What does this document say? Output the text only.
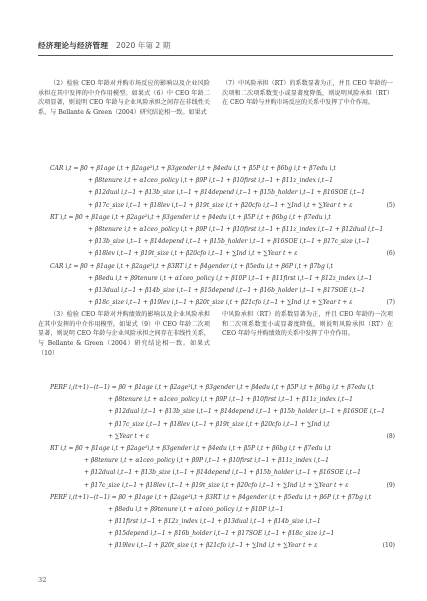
经济理论与经济管理 2020 年第 2 期

（2）检验 CEO 年龄对并购市场反应的影响以及企业风险承担在其中发挥的中介作用模型。如果式（6）中 CEO 年龄二次项显著，则说明 CEO 年龄与企业风险承担之间存在非线性关系，与 Bellante & Green（2004）研究结论相一致。如果式

（7）中风险承担（RT）的系数显著为正，并且 CEO 年龄的一次项和二次项系数变小或显著度降低，则说明风险承担（RT）在 CEO 年龄与并购市场反应的关系中发挥了中介作用。

CAR i,t = β0 + β1age i,t + β2age²i,t + β3gender i,t + β4edu i,t + β5P i,t + β6bg i,t + β7edu i,t
+ β8tenure i,t + α1ceo_policy i,t + β9P i,t−1 + β10first i,t−1 + β11z_index i,t−1
+ β12dual i,t−1 + β13b_size i,t−1 + β14depend i,t−1 + β15b_holder i,t−1 + β16SOE i,t−1
+ β17c_size i,t−1 + β18lev i,t−1 + β19t_size i,t + β20cfo i,t−1 + ∑Ind i,t + ∑Year t + ε	(5)
RT i,t = β0 + β1age i,t + β2age²i,t + β3gender i,t + β4edu i,t + β5P i,t + β6bg i,t + β7edu i,t
+ β8tenure i,t + α1ceo_policy i,t + β9P i,t−1 + β10first i,t−1 + β11z_index i,t−1 + β12dual i,t−1
+ β13b_size i,t−1 + β14depend i,t−1 + β15b_holder i,t−1 + β16SOE i,t−1 + β17c_size i,t−1
+ β18lev i,t−1 + β19t_size i,t + β20cfo i,t−1 + ∑Ind i,t + ∑Year t + ε	(6)
CAR i,t = β0 + β1age i,t + β2age²i,t + β3RT i,t + β4gender i,t + β5edu i,t + β6P i,t + β7bg i,t
+ β8edu i,t + β9tenure i,t + α1ceo_policy i,t + β10P i,t−1 + β11first i,t−1 + β12z_index i,t−1
+ β13dual i,t−1 + β14b_size i,t−1 + β15depend i,t−1 + β16b_holder i,t−1 + β17SOE i,t−1
+ β18c_size i,t−1 + β19lev i,t−1 + β20t_size i,t + β21cfo i,t−1 + ∑Ind i,t + ∑Year t + ε	(7)

（3）检验 CEO 年龄对并购绩效的影响以及企业风险承担在其中发挥的中介作用模型。如果式（9）中 CEO 年龄二次项显著，则说明 CEO 年龄与企业风险承担之间存在非线性关系，与 Bellante & Green（2004）研究结论相一致。如果式（10）

中风险承担（RT）的系数显著为正，并且 CEO 年龄的一次项和二次项系数变小或显著度降低，则说明风险承担（RT）在 CEO 年龄与并购绩效的关系中发挥了中介作用。

PERF i,(t+1)−(t−1) = β0 + β1age i,t + β2age²i,t + β3gender i,t + β4edu i,t + β5P i,t + β6bg i,t + β7edu i,t
+ β8tenure i,t + α1ceo_policy i,t + β9P i,t−1 + β10first i,t−1 + β11z_index i,t−1
+ β12dual i,t−1 + β13b_size i,t−1 + β14depend i,t−1 + β15b_holder i,t−1 + β16SOE i,t−1
+ β17c_size i,t−1 + β18lev i,t−1 + β19t_size i,t + β20cfo i,t−1 + ∑Ind i,t
+ ∑Year t + ε	(8)
RT i,t = β0 + β1age i,t + β2age²i,t + β3gender i,t + β4edu i,t + β5P i,t + β6bg i,t + β7edu i,t
+ β8tenure i,t + α1ceo_policy i,t + β9P i,t−1 + β10first i,t−1 + β11z_index i,t−1
+ β12dual i,t−1 + β13b_size i,t−1 + β14depend i,t−1 + β15b_holder i,t−1 + β16SOE i,t−1
+ β17c_size i,t−1 + β18lev i,t−1 + β19t_size i,t + β20cfo i,t−1 + ∑Ind i,t + ∑Year t + ε	(9)
PERF i,(t+1)−(t−1) = β0 + β1age i,t + β2age²i,t + β3RT i,t + β4gender i,t + β5edu i,t + β6P i,t + β7bg i,t
+ β8edu i,t + β9tenure i,t + α1ceo_policy i,t + β10P i,t−1
+ β11first i,t−1 + β12z_index i,t−1 + β13dual i,t−1 + β14b_size i,t−1
+ β15depend i,t−1 + β16b_holder i,t−1 + β17SOE i,t−1 + β18c_size i,t−1
+ β19lev i,t−1 + β20t_size i,t + β21cfo i,t−1 + ∑Ind i,t + ∑Year t + ε	(10)
32
